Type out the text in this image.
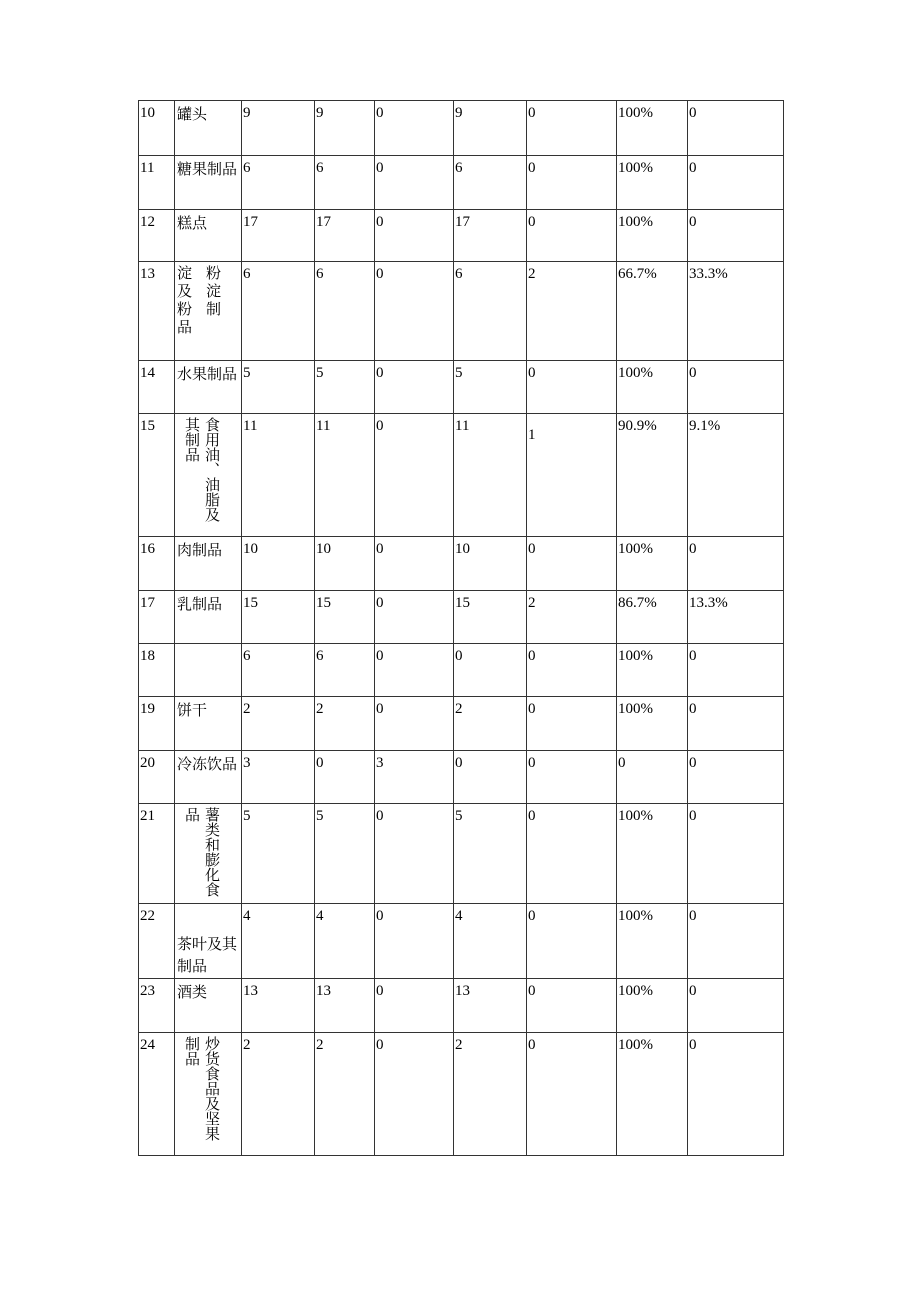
10	罐头	9	9	0	9	0	100%	0

11	糖果制品	6	6	0	6	0	100%	0

12	糕点	17	17	0	17	0	100%	0

13	淀粉及淀粉制品	6	6	0	6	2	66.7%	33.3%

14	水果制品	5	5	0	5	0	100%	0

15	食用油、油脂及其制品	11	11	0	11	1	90.9%	9.1%

16	肉制品	10	10	0	10	0	100%	0

17	乳制品	15	15	0	15	2	86.7%	13.3%

18		6	6	0	0	0	100%	0

19	饼干	2	2	0	2	0	100%	0

20	冷冻饮品	3	0	3	0	0	0	0

21	薯类和膨化食品	5	5	0	5	0	100%	0

22	茶叶及其制品	4	4	0	4	0	100%	0

23	酒类	13	13	0	13	0	100%	0

24	炒货食品及坚果制品	2	2	0	2	0	100%	0
